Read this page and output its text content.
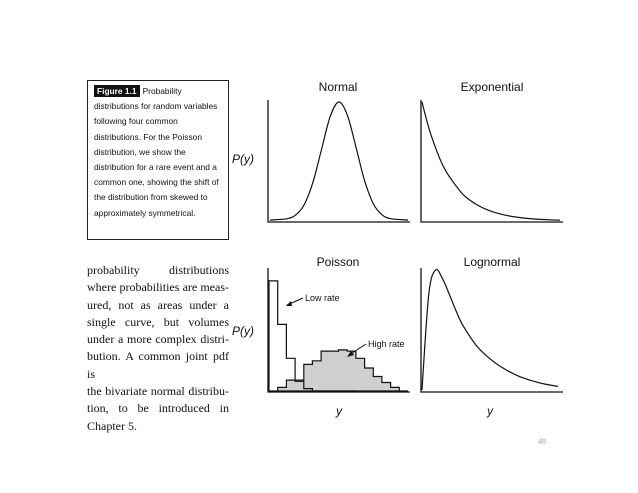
Figure 1.1 Probability
distributions for random variables
following four common
distributions. For the Poisson
distribution, we show the
distribution for a rare event and a
common one, showing the shift of
the distribution from skewed to
approximately symmetrical.
probability distributions
where probabilities are meas-
ured, not as areas under a
single curve, but volumes
under a more complex distri-
bution. A common joint pdf is
the bivariate normal distribu-
tion, to be introduced in
Chapter 5.
49
Normal	Exponential
Poisson	Lognormal
P(y)
P(y)
y	y
Low rate
High rate
